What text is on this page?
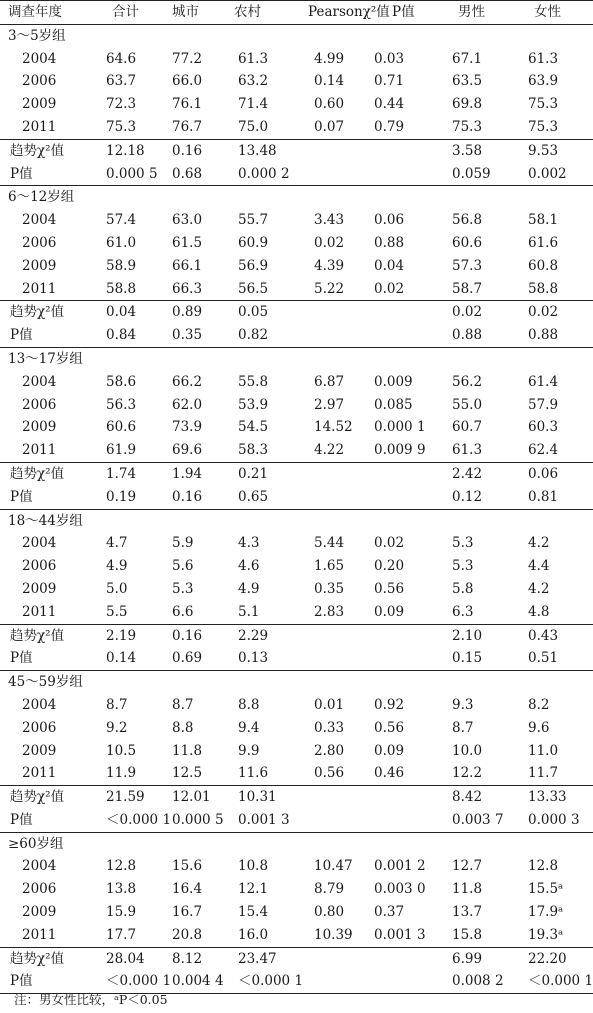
调查年度	合计	城市	农村	Pearsonχ²值	P值	男性	女性
3～5岁组							
2004	64.6	77.2	61.3	4.99	0.03	67.1	61.3
2006	63.7	66.0	63.2	0.14	0.71	63.5	63.9
2009	72.3	76.1	71.4	0.60	0.44	69.8	75.3
2011	75.3	76.7	75.0	0.07	0.79	75.3	75.3
趋势χ²值	12.18	0.16	13.48			3.58	9.53
P值	0.000 5	0.68	0.000 2			0.059	0.002
6～12岁组							
2004	57.4	63.0	55.7	3.43	0.06	56.8	58.1
2006	61.0	61.5	60.9	0.02	0.88	60.6	61.6
2009	58.9	66.1	56.9	4.39	0.04	57.3	60.8
2011	58.8	66.3	56.5	5.22	0.02	58.7	58.8
趋势χ²值	0.04	0.89	0.05			0.02	0.02
P值	0.84	0.35	0.82			0.88	0.88
13～17岁组							
2004	58.6	66.2	55.8	6.87	0.009	56.2	61.4
2006	56.3	62.0	53.9	2.97	0.085	55.0	57.9
2009	60.6	73.9	54.5	14.52	0.000 1	60.7	60.3
2011	61.9	69.6	58.3	4.22	0.009 9	61.3	62.4
趋势χ²值	1.74	1.94	0.21			2.42	0.06
P值	0.19	0.16	0.65			0.12	0.81
18～44岁组							
2004	4.7	5.9	4.3	5.44	0.02	5.3	4.2
2006	4.9	5.6	4.6	1.65	0.20	5.3	4.4
2009	5.0	5.3	4.9	0.35	0.56	5.8	4.2
2011	5.5	6.6	5.1	2.83	0.09	6.3	4.8
趋势χ²值	2.19	0.16	2.29			2.10	0.43
P值	0.14	0.69	0.13			0.15	0.51
45～59岁组							
2004	8.7	8.7	8.8	0.01	0.92	9.3	8.2
2006	9.2	8.8	9.4	0.33	0.56	8.7	9.6
2009	10.5	11.8	9.9	2.80	0.09	10.0	11.0
2011	11.9	12.5	11.6	0.56	0.46	12.2	11.7
趋势χ²值	21.59	12.01	10.31			8.42	13.33
P值	＜0.000 1	0.000 5	0.001 3			0.003 7	0.000 3
≥60岁组							
2004	12.8	15.6	10.8	10.47	0.001 2	12.7	12.8
2006	13.8	16.4	12.1	8.79	0.003 0	11.8	15.5ᵃ
2009	15.9	16.7	15.4	0.80	0.37	13.7	17.9ᵃ
2011	17.7	20.8	16.0	10.39	0.001 3	15.8	19.3ᵃ
趋势χ²值	28.04	8.12	23.47			6.99	22.20
P值	＜0.000 1	0.004 4	＜0.000 1			0.008 2	＜0.000 1
注：男女性比较，ᵃP＜0.05
